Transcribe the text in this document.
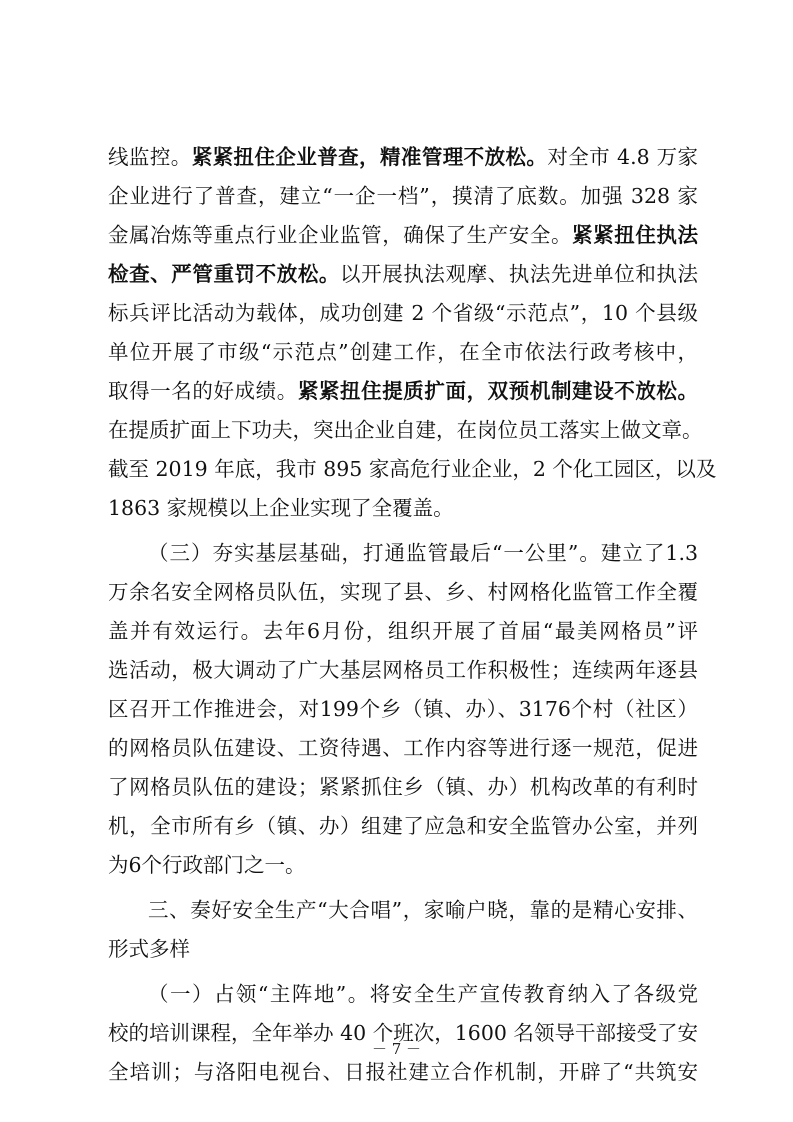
线监控。紧紧扭住企业普查，精准管理不放松。对全市 4.8 万家
企业进行了普查，建立“一企一档”，摸清了底数。加强 328 家
金属冶炼等重点行业企业监管，确保了生产安全。紧紧扭住执法
检查、严管重罚不放松。以开展执法观摩、执法先进单位和执法
标兵评比活动为载体，成功创建 2 个省级“示范点”，10 个县级
单位开展了市级“示范点”创建工作，在全市依法行政考核中，
取得一名的好成绩。紧紧扭住提质扩面，双预机制建设不放松。
在提质扩面上下功夫，突出企业自建，在岗位员工落实上做文章。
截至 2019 年底，我市 895 家高危行业企业，2 个化工园区，以及
1863 家规模以上企业实现了全覆盖。
（三）夯实基层基础，打通监管最后“一公里”。建立了1.3
万余名安全网格员队伍，实现了县、乡、村网格化监管工作全覆
盖并有效运行。去年6月份，组织开展了首届“最美网格员”评
选活动，极大调动了广大基层网格员工作积极性；连续两年逐县
区召开工作推进会，对199个乡（镇、办）、3176个村（社区）
的网格员队伍建设、工资待遇、工作内容等进行逐一规范，促进
了网格员队伍的建设；紧紧抓住乡（镇、办）机构改革的有利时
机，全市所有乡（镇、办）组建了应急和安全监管办公室，并列
为6个行政部门之一。
三、奏好安全生产“大合唱”，家喻户晓，靠的是精心安排、
形式多样
（一）占领“主阵地”。将安全生产宣传教育纳入了各级党
校的培训课程，全年举办 40 个班次，1600 名领导干部接受了安
全培训；与洛阳电视台、日报社建立合作机制，开辟了“共筑安
－ 7 －
